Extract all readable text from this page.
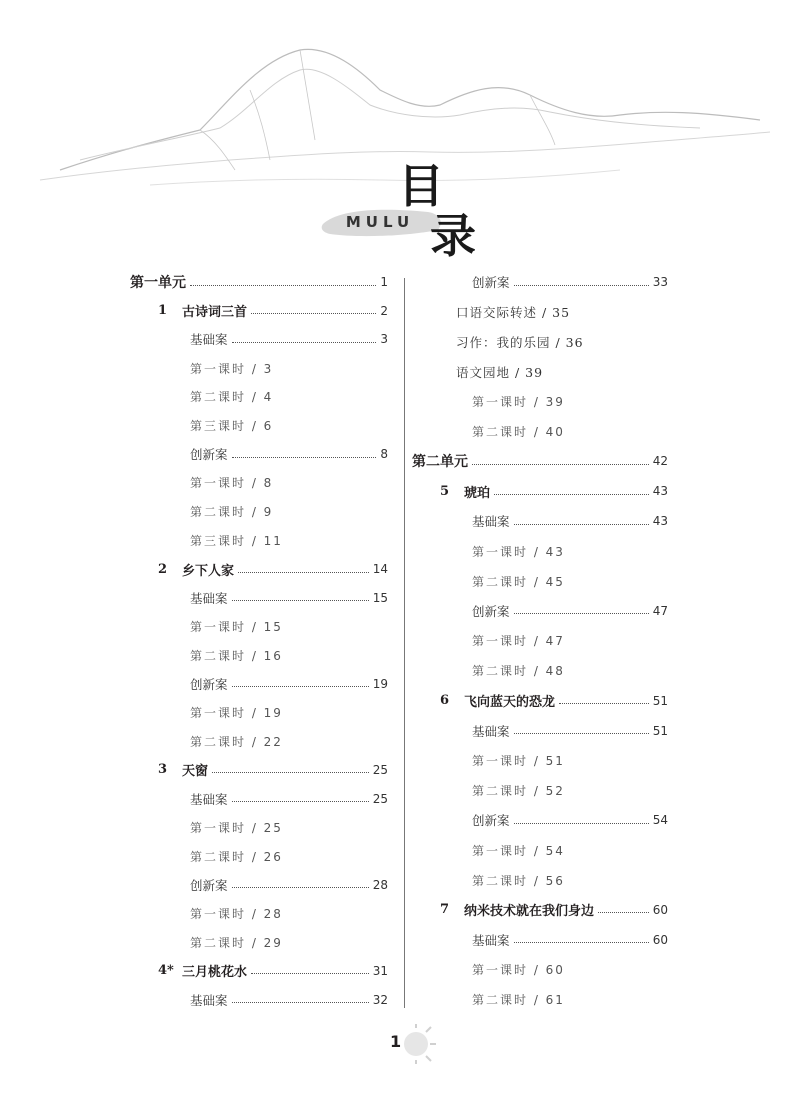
MULU
目
录
第一单元	1
1	古诗词三首	2
基础案	3
第一课时 / 3
第二课时 / 4
第三课时 / 6
创新案	8
第一课时 / 8
第二课时 / 9
第三课时 / 11
2	乡下人家	14
基础案	15
第一课时 / 15
第二课时 / 16
创新案	19
第一课时 / 19
第二课时 / 22
3	天窗	25
基础案	25
第一课时 / 25
第二课时 / 26
创新案	28
第一课时 / 28
第二课时 / 29
4* 三月桃花水	31
基础案	32
创新案	33
口语交际转述 / 35
习作：我的乐园 / 36
语文园地 / 39
第一课时 / 39
第二课时 / 40
第二单元	42
5	琥珀	43
基础案	43
第一课时 / 43
第二课时 / 45
创新案	47
第一课时 / 47
第二课时 / 48
6	飞向蓝天的恐龙	51
基础案	51
第一课时 / 51
第二课时 / 52
创新案	54
第一课时 / 54
第二课时 / 56
7	纳米技术就在我们身边	60
基础案	60
第一课时 / 60
第二课时 / 61
1
